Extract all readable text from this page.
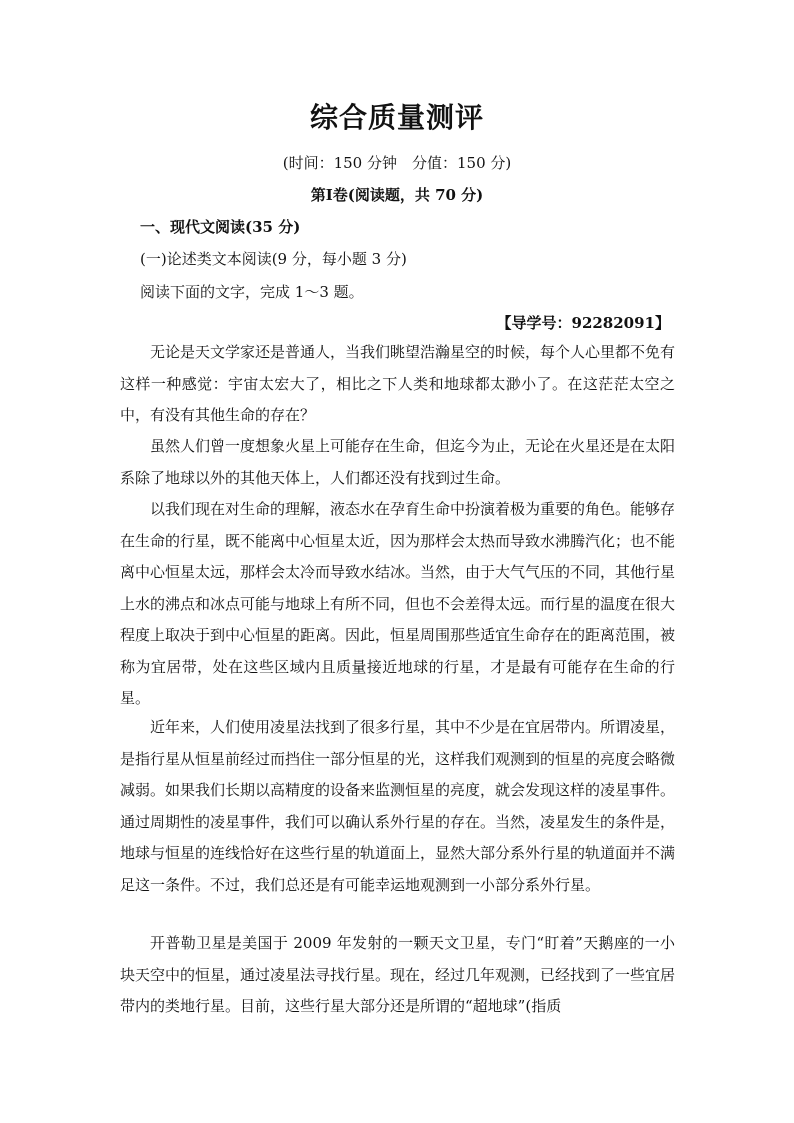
综合质量测评
(时间：150 分钟　分值：150 分)
第Ⅰ卷(阅读题，共 70 分)
一、现代文阅读(35 分)
(一)论述类文本阅读(9 分，每小题 3 分)
阅读下面的文字，完成 1～3 题。
【导学号：92282091】

无论是天文学家还是普通人，当我们眺望浩瀚星空的时候，每个人心里都不免有这样一种感觉：宇宙太宏大了，相比之下人类和地球都太渺小了。在这茫茫太空之中，有没有其他生命的存在？

虽然人们曾一度想象火星上可能存在生命，但迄今为止，无论在火星还是在太阳系除了地球以外的其他天体上，人们都还没有找到过生命。

以我们现在对生命的理解，液态水在孕育生命中扮演着极为重要的角色。能够存在生命的行星，既不能离中心恒星太近，因为那样会太热而导致水沸腾汽化；也不能离中心恒星太远，那样会太冷而导致水结冰。当然，由于大气气压的不同，其他行星上水的沸点和冰点可能与地球上有所不同，但也不会差得太远。而行星的温度在很大程度上取决于到中心恒星的距离。因此，恒星周围那些适宜生命存在的距离范围，被称为宜居带，处在这些区域内且质量接近地球的行星，才是最有可能存在生命的行星。

近年来，人们使用凌星法找到了很多行星，其中不少是在宜居带内。所谓凌星，是指行星从恒星前经过而挡住一部分恒星的光，这样我们观测到的恒星的亮度会略微减弱。如果我们长期以高精度的设备来监测恒星的亮度，就会发现这样的凌星事件。通过周期性的凌星事件，我们可以确认系外行星的存在。当然，凌星发生的条件是，地球与恒星的连线恰好在这些行星的轨道面上，显然大部分系外行星的轨道面并不满足这一条件。不过，我们总还是有可能幸运地观测到一小部分系外行星。

开普勒卫星是美国于 2009 年发射的一颗天文卫星，专门“盯着”天鹅座的一小块天空中的恒星，通过凌星法寻找行星。现在，经过几年观测，已经找到了一些宜居带内的类地行星。目前，这些行星大部分还是所谓的“超地球”(指质
